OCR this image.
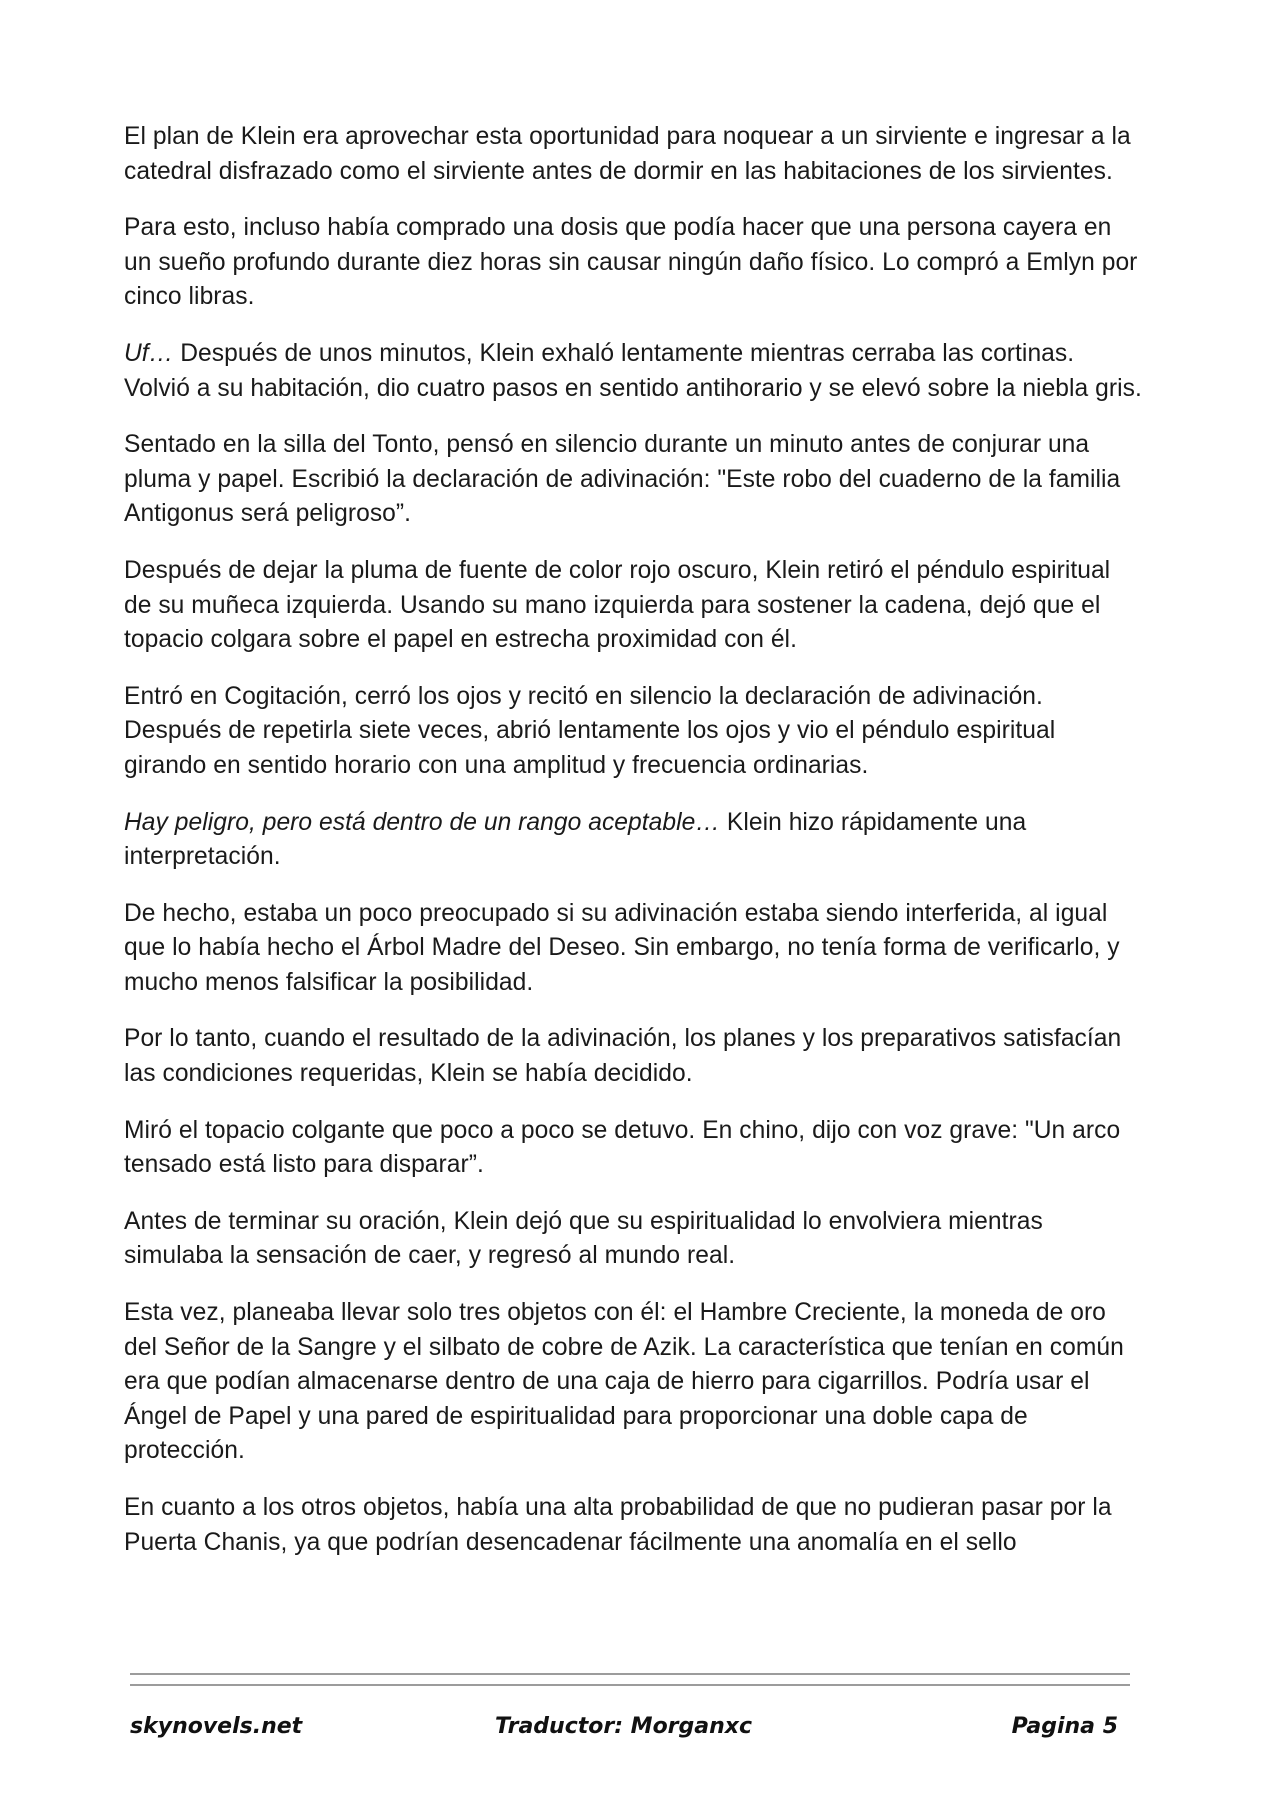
El plan de Klein era aprovechar esta oportunidad para noquear a un sirviente e ingresar a la catedral disfrazado como el sirviente antes de dormir en las habitaciones de los sirvientes.

Para esto, incluso había comprado una dosis que podía hacer que una persona cayera en un sueño profundo durante diez horas sin causar ningún daño físico. Lo compró a Emlyn por cinco libras.

Uf… Después de unos minutos, Klein exhaló lentamente mientras cerraba las cortinas. Volvió a su habitación, dio cuatro pasos en sentido antihorario y se elevó sobre la niebla gris.

Sentado en la silla del Tonto, pensó en silencio durante un minuto antes de conjurar una pluma y papel. Escribió la declaración de adivinación: "Este robo del cuaderno de la familia Antigonus será peligroso”.

Después de dejar la pluma de fuente de color rojo oscuro, Klein retiró el péndulo espiritual de su muñeca izquierda. Usando su mano izquierda para sostener la cadena, dejó que el topacio colgara sobre el papel en estrecha proximidad con él.

Entró en Cogitación, cerró los ojos y recitó en silencio la declaración de adivinación. Después de repetirla siete veces, abrió lentamente los ojos y vio el péndulo espiritual girando en sentido horario con una amplitud y frecuencia ordinarias.

Hay peligro, pero está dentro de un rango aceptable… Klein hizo rápidamente una interpretación.

De hecho, estaba un poco preocupado si su adivinación estaba siendo interferida, al igual que lo había hecho el Árbol Madre del Deseo. Sin embargo, no tenía forma de verificarlo, y mucho menos falsificar la posibilidad.

Por lo tanto, cuando el resultado de la adivinación, los planes y los preparativos satisfacían las condiciones requeridas, Klein se había decidido.

Miró el topacio colgante que poco a poco se detuvo. En chino, dijo con voz grave: "Un arco tensado está listo para disparar”.

Antes de terminar su oración, Klein dejó que su espiritualidad lo envolviera mientras simulaba la sensación de caer, y regresó al mundo real.

Esta vez, planeaba llevar solo tres objetos con él: el Hambre Creciente, la moneda de oro del Señor de la Sangre y el silbato de cobre de Azik. La característica que tenían en común era que podían almacenarse dentro de una caja de hierro para cigarrillos. Podría usar el Ángel de Papel y una pared de espiritualidad para proporcionar una doble capa de protección.

En cuanto a los otros objetos, había una alta probabilidad de que no pudieran pasar por la Puerta Chanis, ya que podrían desencadenar fácilmente una anomalía en el sello

skynovels.net	Traductor: Morganxc	Pagina 5
